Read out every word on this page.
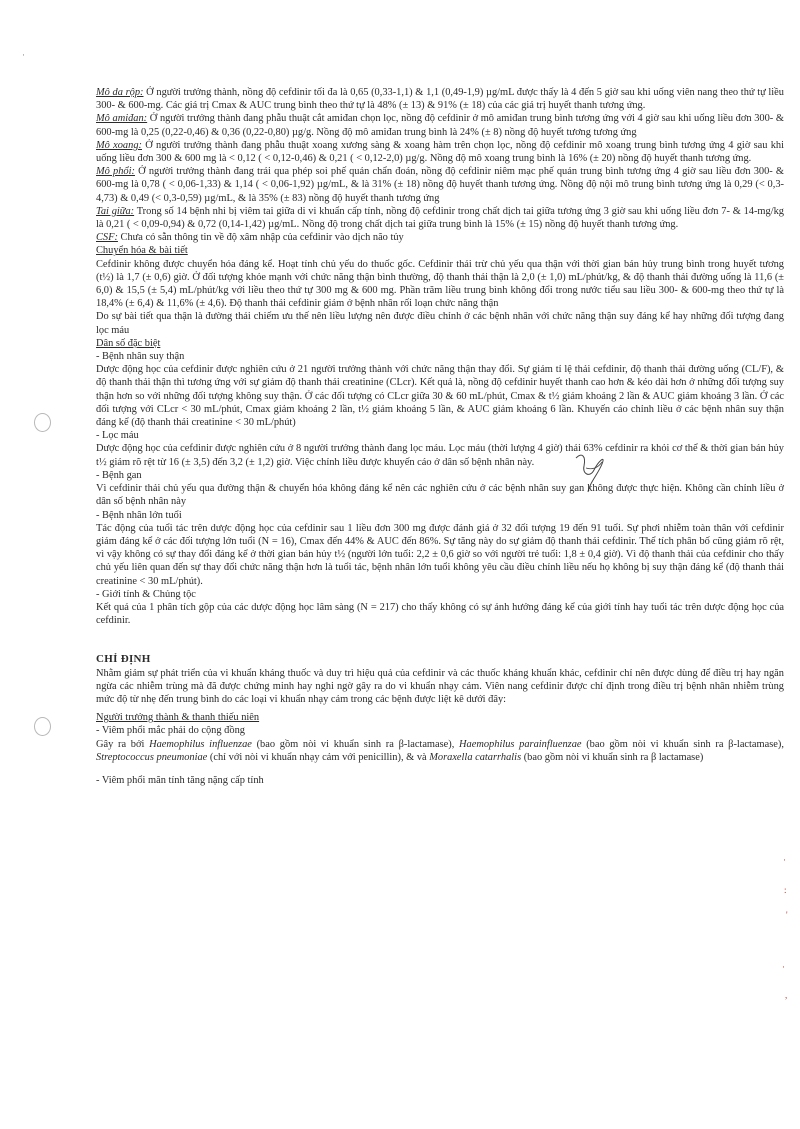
·
·
:
'
·
,

Mô da rộp: Ở người trưởng thành, nồng độ cefdinir tối đa là 0,65 (0,33-1,1) & 1,1 (0,49-1,9) µg/mL được thấy là 4 đến 5 giờ sau khi uống viên nang theo thứ tự liều 300- & 600-mg. Các giá trị Cmax & AUC trung bình theo thứ tự là 48% (± 13) & 91% (± 18) của các giá trị huyết thanh tương ứng.

Mô amiđan: Ở người trưởng thành đang phẫu thuật cắt amiđan chọn lọc, nồng độ cefdinir ở mô amiđan trung bình tương ứng với 4 giờ sau khi uống liều đơn 300- & 600-mg là 0,25 (0,22-0,46) & 0,36 (0,22-0,80) µg/g. Nồng độ mô amiđan trung bình là 24% (± 8) nồng độ huyết tương tương ứng

Mô xoang: Ở người trưởng thành đang phẫu thuật xoang xương sàng & xoang hàm trên chọn lọc, nồng độ cefdinir mô xoang trung bình tương ứng 4 giờ sau khi uống liều đơn 300 & 600 mg là < 0,12 ( < 0,12-0,46) & 0,21 ( < 0,12-2,0) µg/g. Nồng độ mô xoang trung bình là 16% (± 20) nồng độ huyết thanh tương ứng.

Mô phổi: Ở người trưởng thành đang trải qua phép soi phế quản chẩn đoán, nồng độ cefdinir niêm mạc phế quản trung bình tương ứng 4 giờ sau liều đơn 300- & 600-mg là 0,78 ( < 0,06-1,33) & 1,14 ( < 0,06-1,92) µg/mL, & là 31% (± 18) nồng độ huyết thanh tương ứng. Nồng độ nội mô trung bình tương ứng là 0,29 (< 0,3-4,73) & 0,49 (< 0,3-0,59) µg/mL, & là 35% (± 83) nồng độ huyết thanh tương ứng

Tai giữa: Trong số 14 bệnh nhi bị viêm tai giữa di vi khuẩn cấp tính, nồng độ cefdinir trong chất dịch tai giữa tương ứng 3 giờ sau khi uống liều đơn 7- & 14-mg/kg là 0,21 ( < 0,09-0,94) & 0,72 (0,14-1,42) µg/mL. Nồng độ trong chất dịch tai giữa trung bình là 15% (± 15) nồng độ huyết thanh tương ứng.

CSF: Chưa có sẵn thông tin về độ xâm nhập của cefdinir vào dịch não tủy

Chuyển hóa & bài tiết

Cefdinir không được chuyển hóa đáng kể. Hoạt tính chủ yếu do thuốc gốc. Cefdinir thải trừ chủ yếu qua thận với thời gian bán hủy trung bình trong huyết tương (t½) là 1,7 (± 0,6) giờ. Ở đối tượng khỏe mạnh với chức năng thận bình thường, độ thanh thải thận là 2,0 (± 1,0) mL/phút/kg, & độ thanh thải đường uống là 11,6 (± 6,0) & 15,5 (± 5,4) mL/phút/kg với liều theo thứ tự 300 mg & 600 mg. Phần trăm liều trung bình không đổi trong nước tiểu sau liều 300- & 600-mg theo thứ tự là 18,4% (± 6,4) & 11,6% (± 4,6). Độ thanh thải cefdinir giảm ở bệnh nhân rối loạn chức năng thận

Do sự bài tiết qua thận là đường thải chiếm ưu thế nên liều lượng nên được điều chỉnh ở các bệnh nhân với chức năng thận suy đáng kể hay những đối tượng đang lọc máu

Dân số đặc biệt

- Bệnh nhân suy thận

Dược động học của cefdinir được nghiên cứu ở 21 người trưởng thành với chức năng thận thay đổi. Sự giảm tỉ lệ thải cefdinir, độ thanh thải đường uống (CL/F), & độ thanh thải thận thì tương ứng với sự giảm độ thanh thải creatinine (CLcr). Kết quả là, nồng độ cefdinir huyết thanh cao hơn & kéo dài hơn ở những đối tượng suy thận hơn so với những đối tượng không suy thận. Ở các đối tượng có CLcr giữa 30 & 60 mL/phút, Cmax & t½ giảm khoảng 2 lần & AUC giảm khoảng 3 lần. Ở các đối tượng với CLcr < 30 mL/phút, Cmax giảm khoảng 2 lần, t½ giảm khoảng 5 lần, & AUC giảm khoảng 6 lần. Khuyến cáo chỉnh liều ở các bệnh nhân suy thận đáng kể (độ thanh thải creatinine < 30 mL/phút)

- Lọc máu

Dược động học của cefdinir được nghiên cứu ở 8 người trưởng thành đang lọc máu. Lọc máu (thời lượng 4 giờ) thải 63% cefdinir ra khỏi cơ thể & thời gian bán hủy t½ giảm rõ rệt từ 16 (± 3,5) đến 3,2 (± 1,2) giờ. Việc chỉnh liều được khuyến cáo ở dân số bệnh nhân này.

- Bệnh gan

Vì cefdinir thải chủ yếu qua đường thận & chuyển hóa không đáng kể nên các nghiên cứu ở các bệnh nhân suy gan không được thực hiện. Không cần chỉnh liều ở dân số bệnh nhân này

- Bệnh nhân lớn tuổi

Tác động của tuổi tác trên dược động học của cefdinir sau 1 liều đơn 300 mg được đánh giá ở 32 đối tượng 19 đến 91 tuổi. Sự phơi nhiễm toàn thân với cefdinir giảm đáng kể ở các đối tượng lớn tuổi (N = 16), Cmax đến 44% & AUC đến 86%. Sự tăng này do sự giảm độ thanh thải cefdinir. Thể tích phân bố cũng giảm rõ rệt, vì vậy không có sự thay đổi đáng kể ở thời gian bán hủy t½ (người lớn tuổi: 2,2 ± 0,6 giờ so với người trẻ tuổi: 1,8 ± 0,4 giờ). Vì độ thanh thải của cefdinir cho thấy chủ yếu liên quan đến sự thay đổi chức năng thận hơn là tuổi tác, bệnh nhân lớn tuổi không yêu cầu điều chỉnh liều nếu họ không bị suy thận đáng kể (độ thanh thải creatinine < 30 mL/phút).

- Giới tính & Chủng tộc

Kết quả của 1 phân tích gộp của các dược động học lâm sàng (N = 217) cho thấy không có sự ảnh hưởng đáng kể của giới tính hay tuổi tác trên dược động học của cefdinir.

CHỈ ĐỊNH

Nhằm giảm sự phát triển của vi khuẩn kháng thuốc và duy trì hiệu quả của cefdinir và các thuốc kháng khuẩn khác, cefdinir chỉ nên được dùng để điều trị hay ngăn ngừa các nhiễm trùng mà đã được chứng minh hay nghi ngờ gây ra do vi khuẩn nhạy cảm. Viên nang cefdinir được chỉ định trong điều trị bệnh nhân nhiễm trùng mức độ từ nhẹ đến trung bình do các loại vi khuẩn nhạy cảm trong các bệnh được liệt kê dưới đây:

Người trưởng thành & thanh thiếu niên

- Viêm phổi mắc phải do cộng đồng

Gây ra bởi Haemophilus influenzae (bao gồm nòi vi khuẩn sinh ra β-lactamase), Haemophilus parainfluenzae (bao gồm nòi vi khuẩn sinh ra β-lactamase), Streptococcus pneumoniae (chỉ với nòi vi khuẩn nhạy cảm với penicillin), & và Moraxella catarrhalis (bao gồm nòi vi khuẩn sinh ra β lactamase)

- Viêm phổi mãn tính tăng nặng cấp tính
